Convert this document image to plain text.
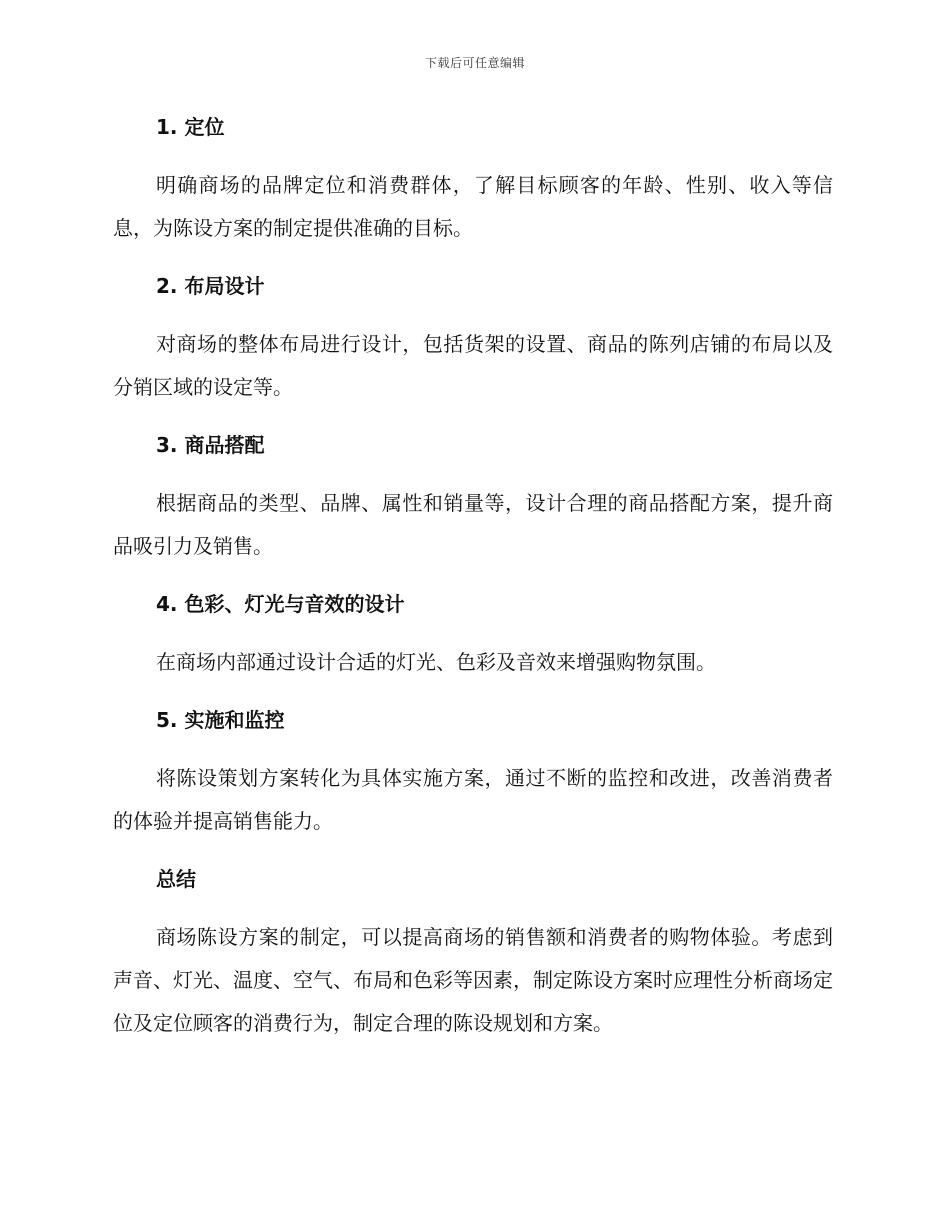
下载后可任意编辑
1. 定位

明确商场的品牌定位和消费群体，了解目标顾客的年龄、性别、收入等信息，为陈设方案的制定提供准确的目标。

2. 布局设计

对商场的整体布局进行设计，包括货架的设置、商品的陈列店铺的布局以及分销区域的设定等。

3. 商品搭配

根据商品的类型、品牌、属性和销量等，设计合理的商品搭配方案，提升商品吸引力及销售。

4. 色彩、灯光与音效的设计

在商场内部通过设计合适的灯光、色彩及音效来增强购物氛围。

5. 实施和监控

将陈设策划方案转化为具体实施方案，通过不断的监控和改进，改善消费者的体验并提高销售能力。

总结

商场陈设方案的制定，可以提高商场的销售额和消费者的购物体验。考虑到声音、灯光、温度、空气、布局和色彩等因素，制定陈设方案时应理性分析商场定位及定位顾客的消费行为，制定合理的陈设规划和方案。
